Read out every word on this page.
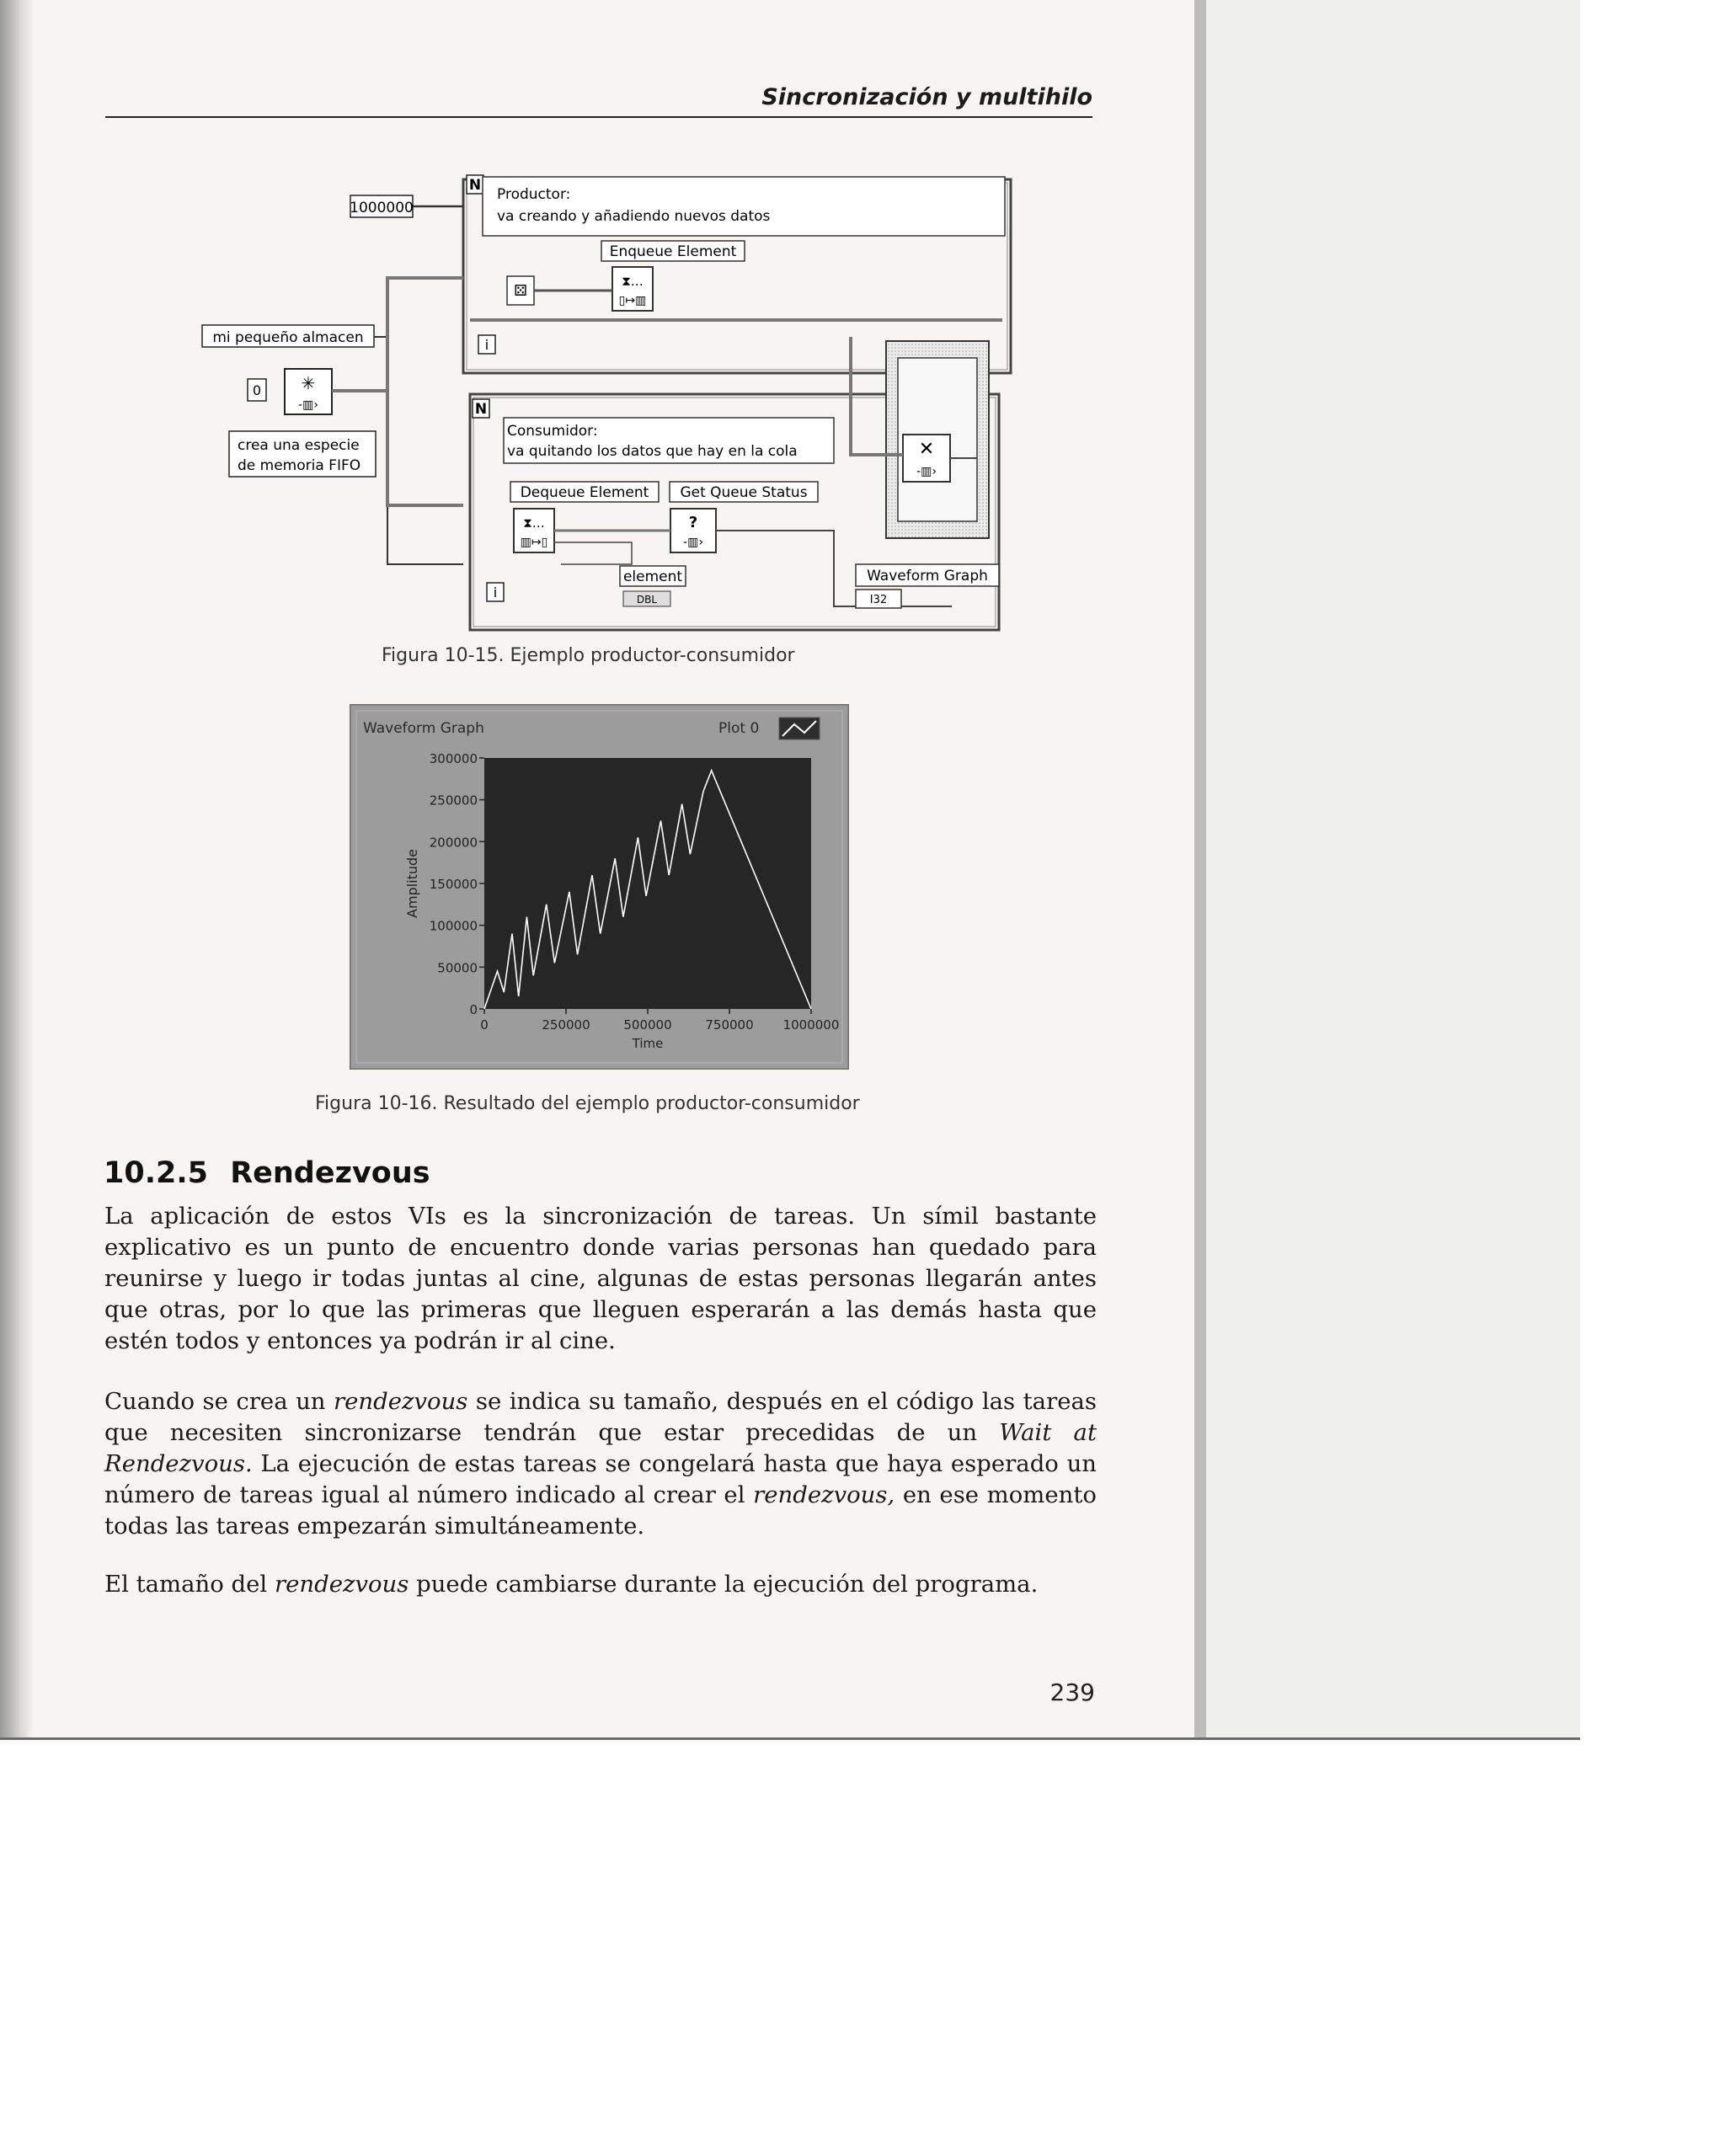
Sincronización y multihilo
N
i
Productor:
va creando y añadiendo nuevos datos
Enqueue Element
⧗…
▯↦▥
⚄
1000000
mi pequeño almacen
0 ✳
-▥›
crea una especie
de memoria FIFO
N
i
Consumidor:
va quitando los datos que hay en la cola
Dequeue Element Get Queue Status
⧗…
▥↦▯
?
-▥›
element
DBL
✕
-▥›
Waveform Graph
I32
Figura 10-15. Ejemplo productor-consumidor
Waveform Graph	Plot 0
0
50000
100000
150000
200000
250000
300000
0	250000	500000	750000 1000000
Time
Amplitude
Figura 10-16. Resultado del ejemplo productor-consumidor
10.2.5 Rendezvous

La aplicación de estos VIs es la sincronización de tareas. Un símil bastante explicativo es un punto de encuentro donde varias personas han quedado para reunirse y luego ir todas juntas al cine, algunas de estas personas llegarán antes que otras, por lo que las primeras que lleguen esperarán a las demás hasta que estén todos y entonces ya podrán ir al cine.

Cuando se crea un rendezvous se indica su tamaño, después en el código las tareas que necesiten sincronizarse tendrán que estar precedidas de un Wait at Rendezvous. La ejecución de estas tareas se congelará hasta que haya esperado un número de tareas igual al número indicado al crear el rendezvous, en ese momento todas las tareas empezarán simultáneamente.

El tamaño del rendezvous puede cambiarse durante la ejecución del programa.

239
